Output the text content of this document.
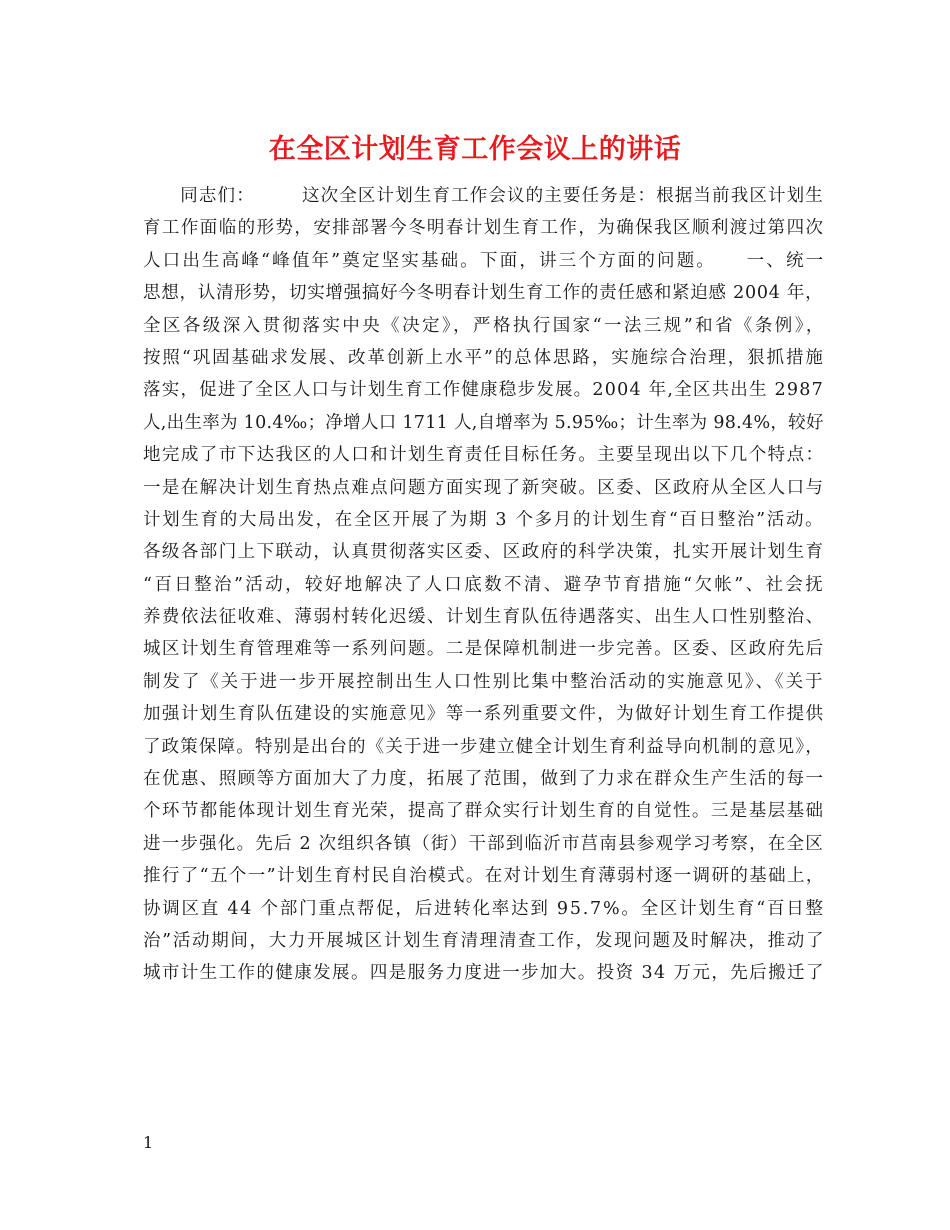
在全区计划生育工作会议上的讲话
　　同志们：　　　这次全区计划生育工作会议的主要任务是：根据当前我区计划生
育工作面临的形势，安排部署今冬明春计划生育工作，为确保我区顺利渡过第四次
人口出生高峰“峰值年”奠定坚实基础。下面，讲三个方面的问题。　　一、统一
思想，认清形势，切实增强搞好今冬明春计划生育工作的责任感和紧迫感 2004 年，
全区各级深入贯彻落实中央《决定》，严格执行国家“一法三规”和省《条例》，
按照“巩固基础求发展、改革创新上水平”的总体思路，实施综合治理，狠抓措施
落实，促进了全区人口与计划生育工作健康稳步发展。2004 年,全区共出生 2987
人,出生率为 10.4‰；净增人口 1711 人,自增率为 5.95‰；计生率为 98.4%，较好
地完成了市下达我区的人口和计划生育责任目标任务。主要呈现出以下几个特点：
一是在解决计划生育热点难点问题方面实现了新突破。区委、区政府从全区人口与
计划生育的大局出发，在全区开展了为期 3 个多月的计划生育“百日整治”活动。
各级各部门上下联动，认真贯彻落实区委、区政府的科学决策，扎实开展计划生育
“百日整治”活动，较好地解决了人口底数不清、避孕节育措施“欠帐”、社会抚
养费依法征收难、薄弱村转化迟缓、计划生育队伍待遇落实、出生人口性别整治、
城区计划生育管理难等一系列问题。二是保障机制进一步完善。区委、区政府先后
制发了《关于进一步开展控制出生人口性别比集中整治活动的实施意见》、《关于
加强计划生育队伍建设的实施意见》等一系列重要文件，为做好计划生育工作提供
了政策保障。特别是出台的《关于进一步建立健全计划生育利益导向机制的意见》，
在优惠、照顾等方面加大了力度，拓展了范围，做到了力求在群众生产生活的每一
个环节都能体现计划生育光荣，提高了群众实行计划生育的自觉性。三是基层基础
进一步强化。先后 2 次组织各镇（街）干部到临沂市莒南县参观学习考察，在全区
推行了“五个一”计划生育村民自治模式。在对计划生育薄弱村逐一调研的基础上，
协调区直 44 个部门重点帮促，后进转化率达到 95.7%。全区计划生育“百日整
治”活动期间，大力开展城区计划生育清理清查工作，发现问题及时解决，推动了
城市计生工作的健康发展。四是服务力度进一步加大。投资 34 万元，先后搬迁了
1
